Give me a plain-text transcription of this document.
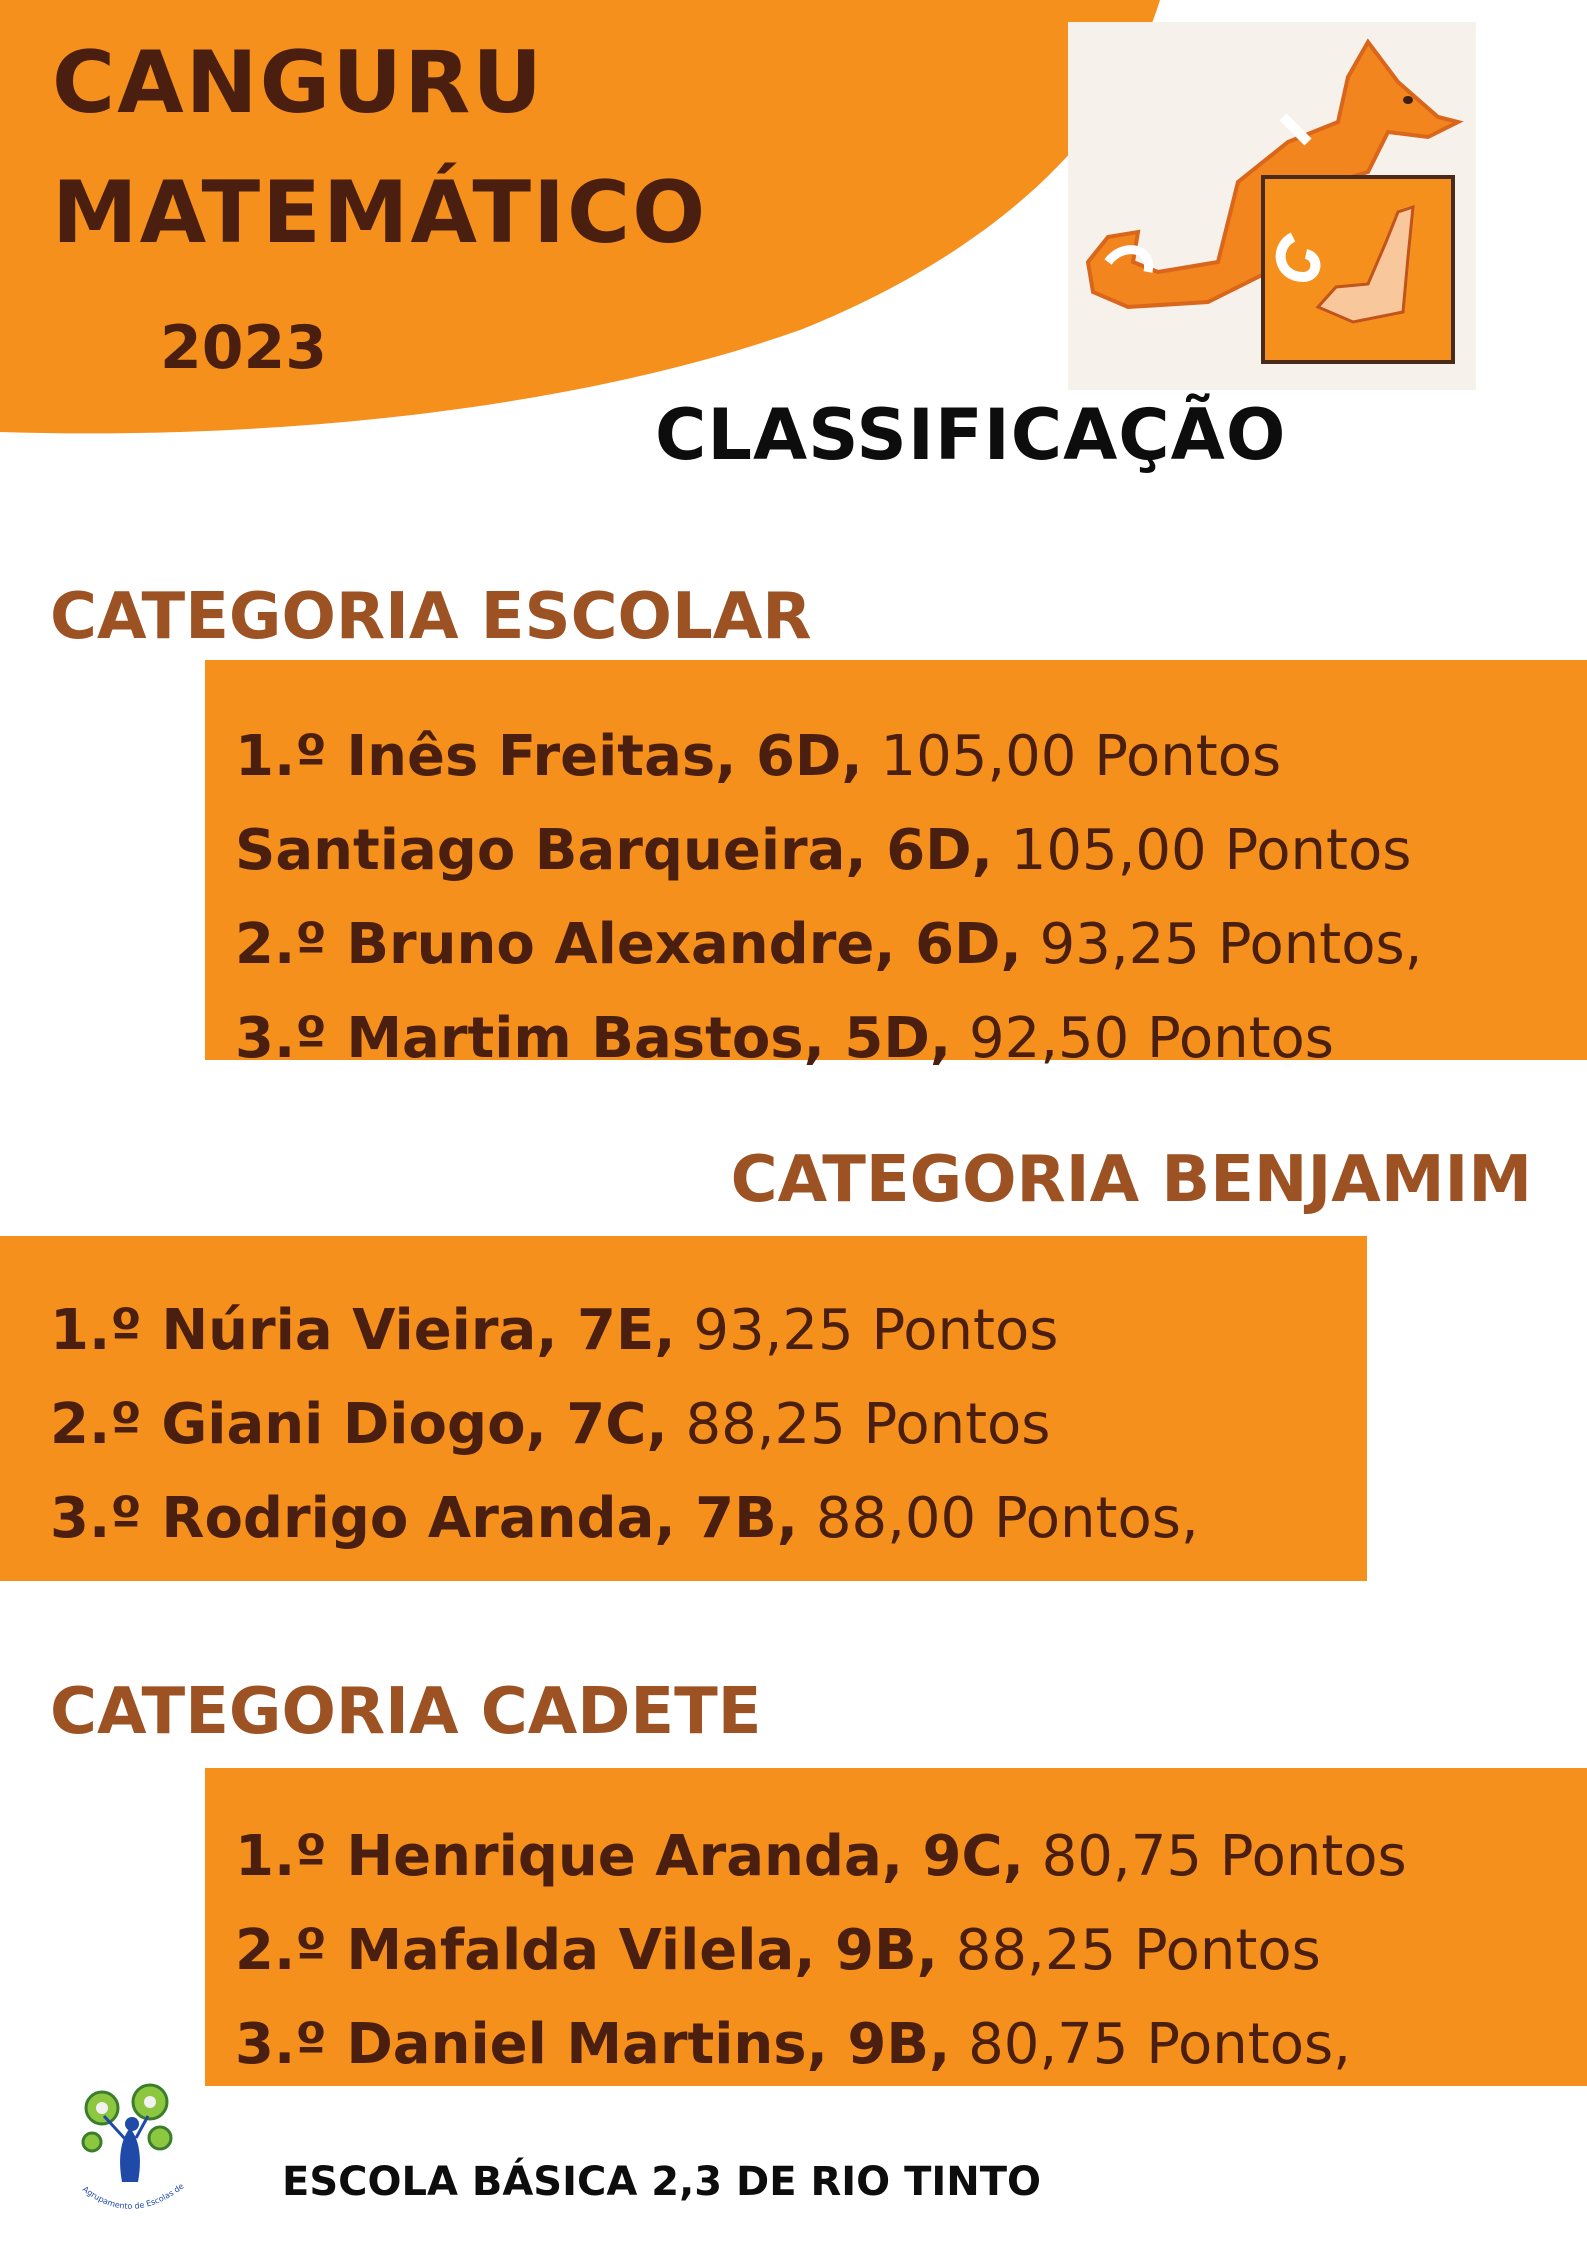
CANGURU
MATEMÁTICO
2023
CLASSIFICAÇÃO
CATEGORIA ESCOLAR
1.º Inês Freitas, 6D, 105,00 Pontos
Santiago Barqueira, 6D, 105,00 Pontos
2.º Bruno Alexandre, 6D, 93,25 Pontos,
3.º Martim Bastos, 5D, 92,50 Pontos
CATEGORIA BENJAMIM
1.º Núria Vieira, 7E, 93,25 Pontos
2.º Giani Diogo, 7C, 88,25 Pontos
3.º Rodrigo Aranda, 7B, 88,00 Pontos,
CATEGORIA CADETE
1.º Henrique Aranda, 9C, 80,75 Pontos
2.º Mafalda Vilela, 9B, 88,25 Pontos
3.º Daniel Martins, 9B, 80,75 Pontos,
Agrupamento de Escolas de ESCOLA BÁSICA 2,3 DE RIO TINTO
